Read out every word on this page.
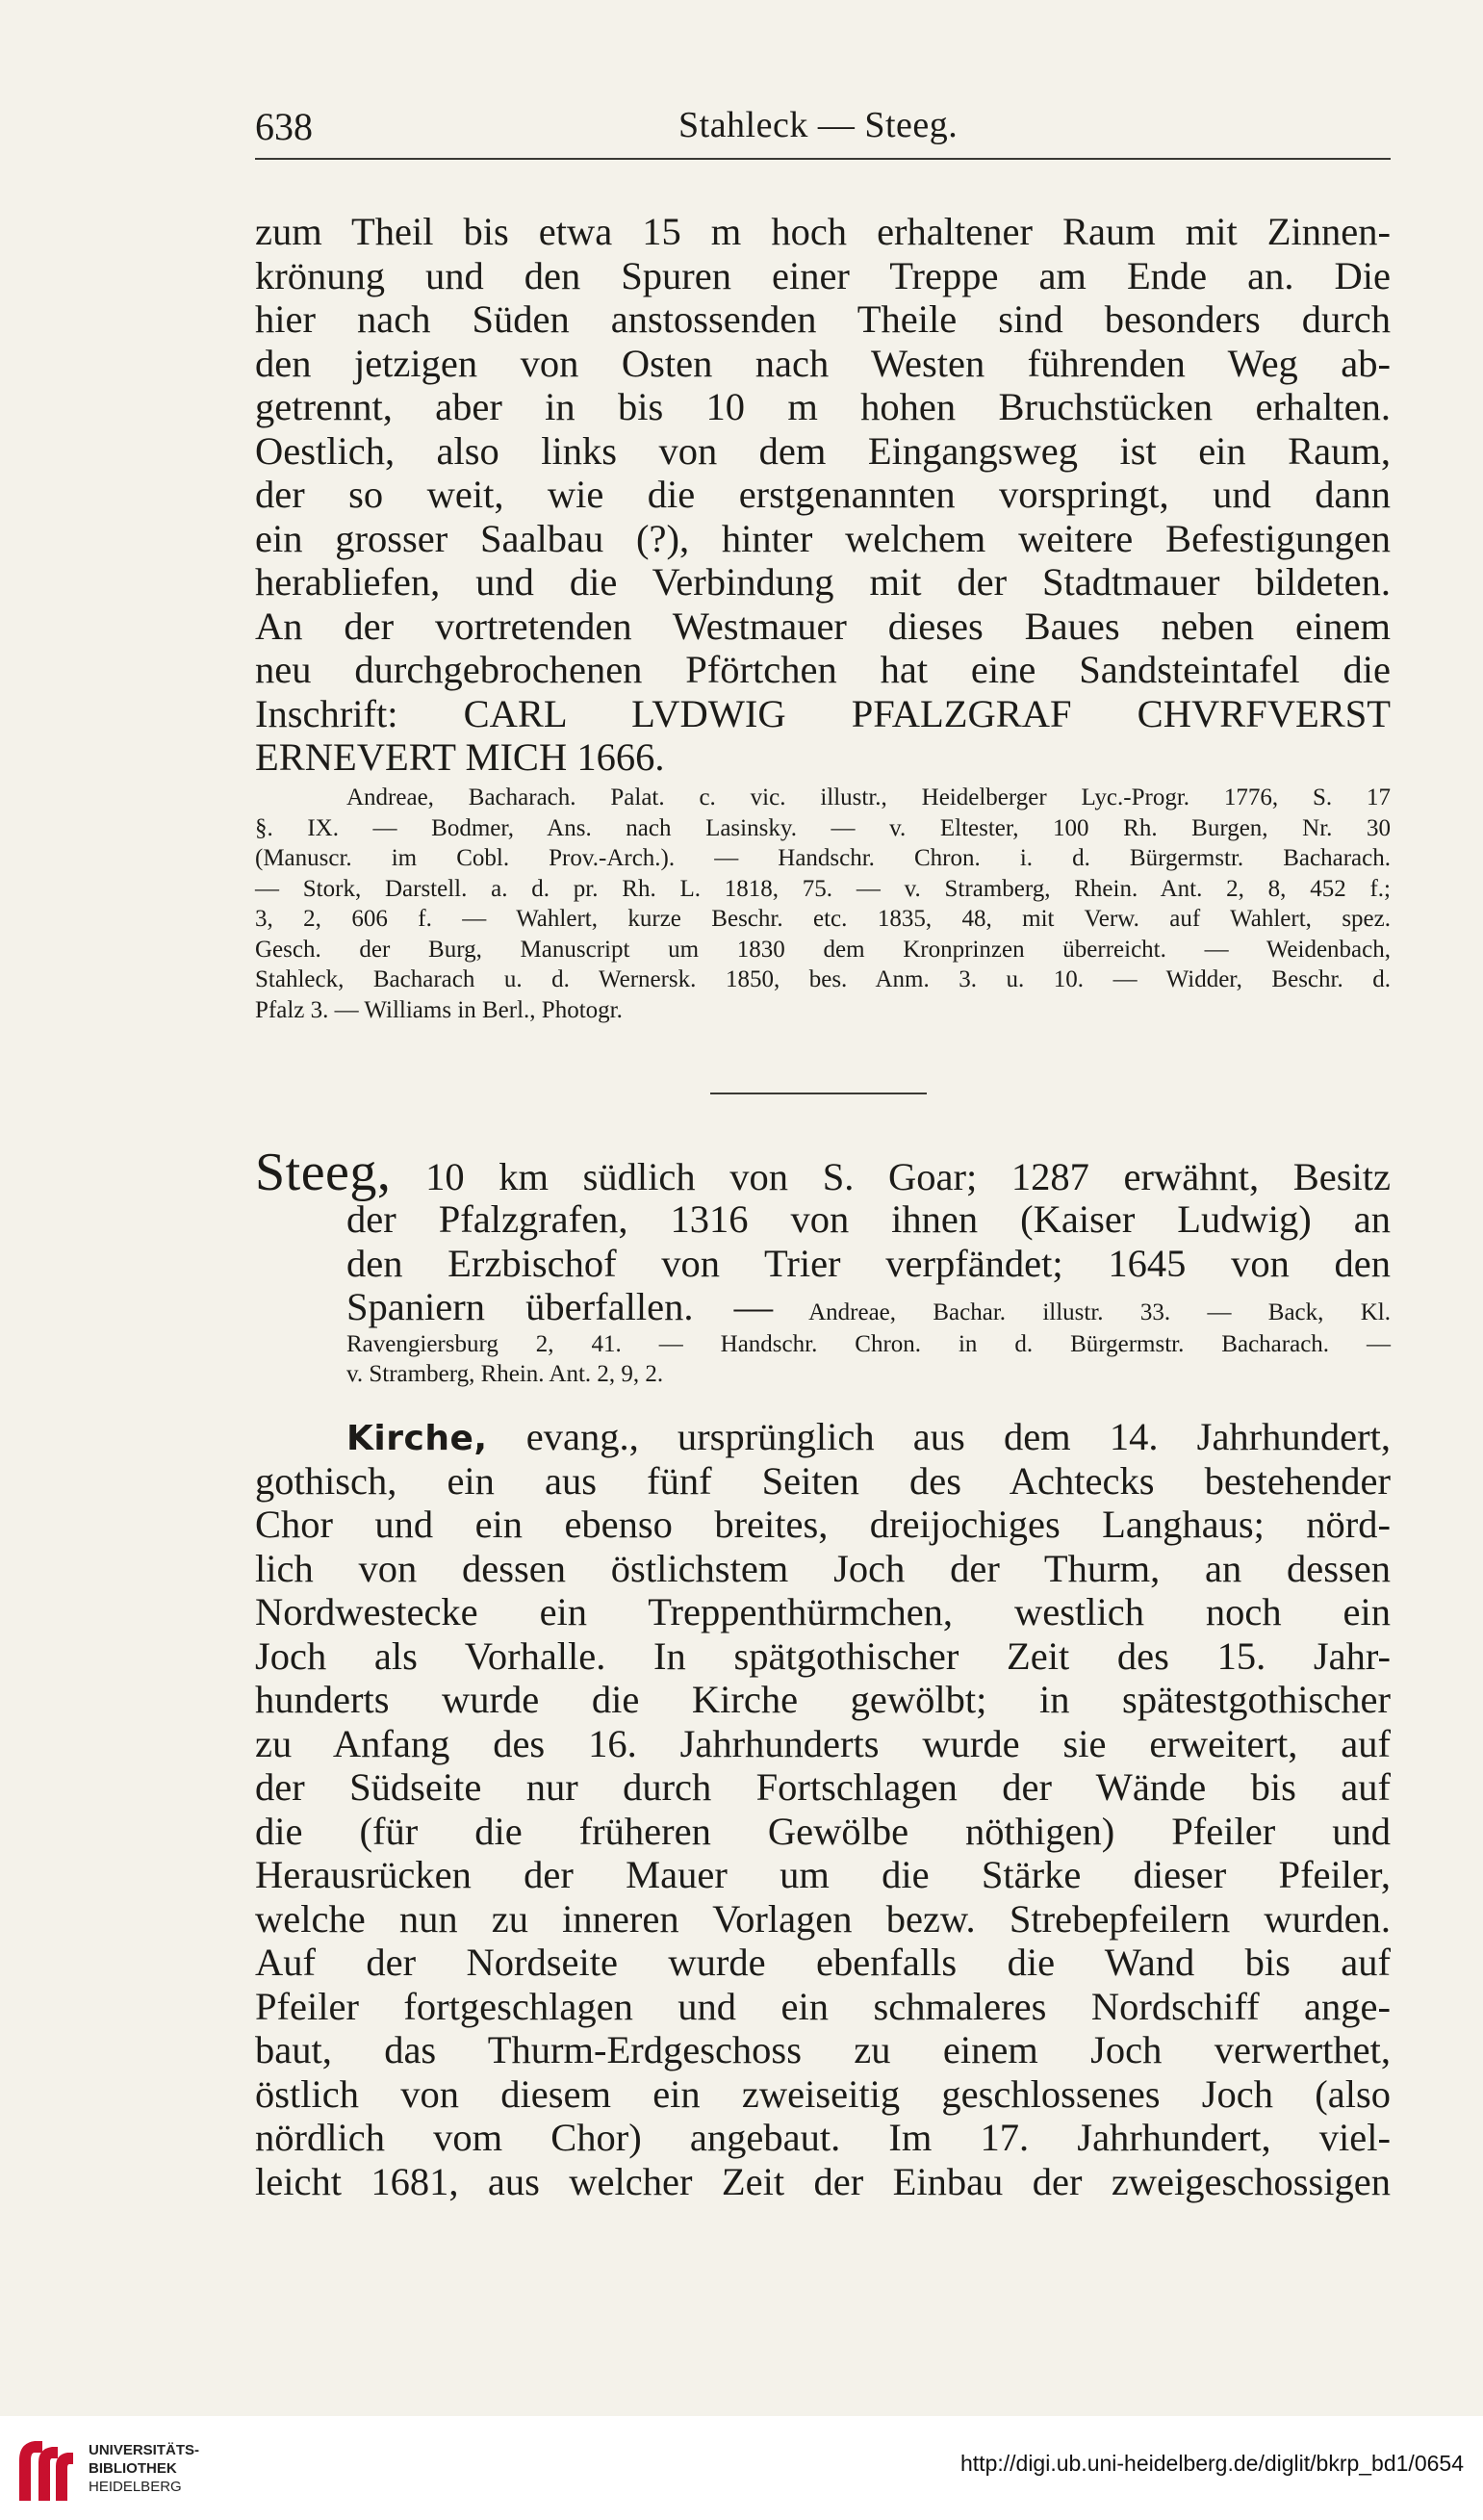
638	Stahleck — Steeg.
zum Theil bis etwa 15 m hoch erhaltener Raum mit Zinnen-
krönung und den Spuren einer Treppe am Ende an. Die
hier nach Süden anstossenden Theile sind besonders durch
den jetzigen von Osten nach Westen führenden Weg ab-
getrennt, aber in bis 10 m hohen Bruchstücken erhalten.
Oestlich, also links von dem Eingangsweg ist ein Raum,
der so weit, wie die erstgenannten vorspringt, und dann
ein grosser Saalbau (?), hinter welchem weitere Befestigungen
herabliefen, und die Verbindung mit der Stadtmauer bildeten.
An der vortretenden Westmauer dieses Baues neben einem
neu durchgebrochenen Pförtchen hat eine Sandsteintafel die
Inschrift: CARL LVDWIG PFALZGRAF CHVRFVERST
ERNEVERT MICH 1666.
Andreae, Bacharach. Palat. c. vic. illustr., Heidelberger Lyc.-Progr. 1776, S. 17
§. IX. — Bodmer, Ans. nach Lasinsky. — v. Eltester, 100 Rh. Burgen, Nr. 30
(Manuscr. im Cobl. Prov.-Arch.). — Handschr. Chron. i. d. Bürgermstr. Bacharach.
— Stork, Darstell. a. d. pr. Rh. L. 1818, 75. — v. Stramberg, Rhein. Ant. 2, 8, 452 f.;
3, 2, 606 f. — Wahlert, kurze Beschr. etc. 1835, 48, mit Verw. auf Wahlert, spez.
Gesch. der Burg, Manuscript um 1830 dem Kronprinzen überreicht. — Weidenbach,
Stahleck, Bacharach u. d. Wernersk. 1850, bes. Anm. 3. u. 10. — Widder, Beschr. d.
Pfalz 3. — Williams in Berl., Photogr.
Steeg, 10 km südlich von S. Goar; 1287 erwähnt, Besitz
der Pfalzgrafen, 1316 von ihnen (Kaiser Ludwig) an
den Erzbischof von Trier verpfändet; 1645 von den
Spaniern überfallen. — Andreae, Bachar. illustr. 33. — Back, Kl.
Ravengiersburg 2, 41. — Handschr. Chron. in d. Bürgermstr. Bacharach. —
v. Stramberg, Rhein. Ant. 2, 9, 2.
Kirche, evang., ursprünglich aus dem 14. Jahrhundert,
gothisch, ein aus fünf Seiten des Achtecks bestehender
Chor und ein ebenso breites, dreijochiges Langhaus; nörd-
lich von dessen östlichstem Joch der Thurm, an dessen
Nordwestecke ein Treppenthürmchen, westlich noch ein
Joch als Vorhalle. In spätgothischer Zeit des 15. Jahr-
hunderts wurde die Kirche gewölbt; in spätestgothischer
zu Anfang des 16. Jahrhunderts wurde sie erweitert, auf
der Südseite nur durch Fortschlagen der Wände bis auf
die (für die früheren Gewölbe nöthigen) Pfeiler und
Herausrücken der Mauer um die Stärke dieser Pfeiler,
welche nun zu inneren Vorlagen bezw. Strebepfeilern wurden.
Auf der Nordseite wurde ebenfalls die Wand bis auf
Pfeiler fortgeschlagen und ein schmaleres Nordschiff ange-
baut, das Thurm-Erdgeschoss zu einem Joch verwerthet,
östlich von diesem ein zweiseitig geschlossenes Joch (also
nördlich vom Chor) angebaut. Im 17. Jahrhundert, viel-
leicht 1681, aus welcher Zeit der Einbau der zweigeschossigen
UNIVERSITÄTS-
BIBLIOTHEK
HEIDELBERG
http://digi.ub.uni-heidelberg.de/diglit/bkrp_bd1/0654
